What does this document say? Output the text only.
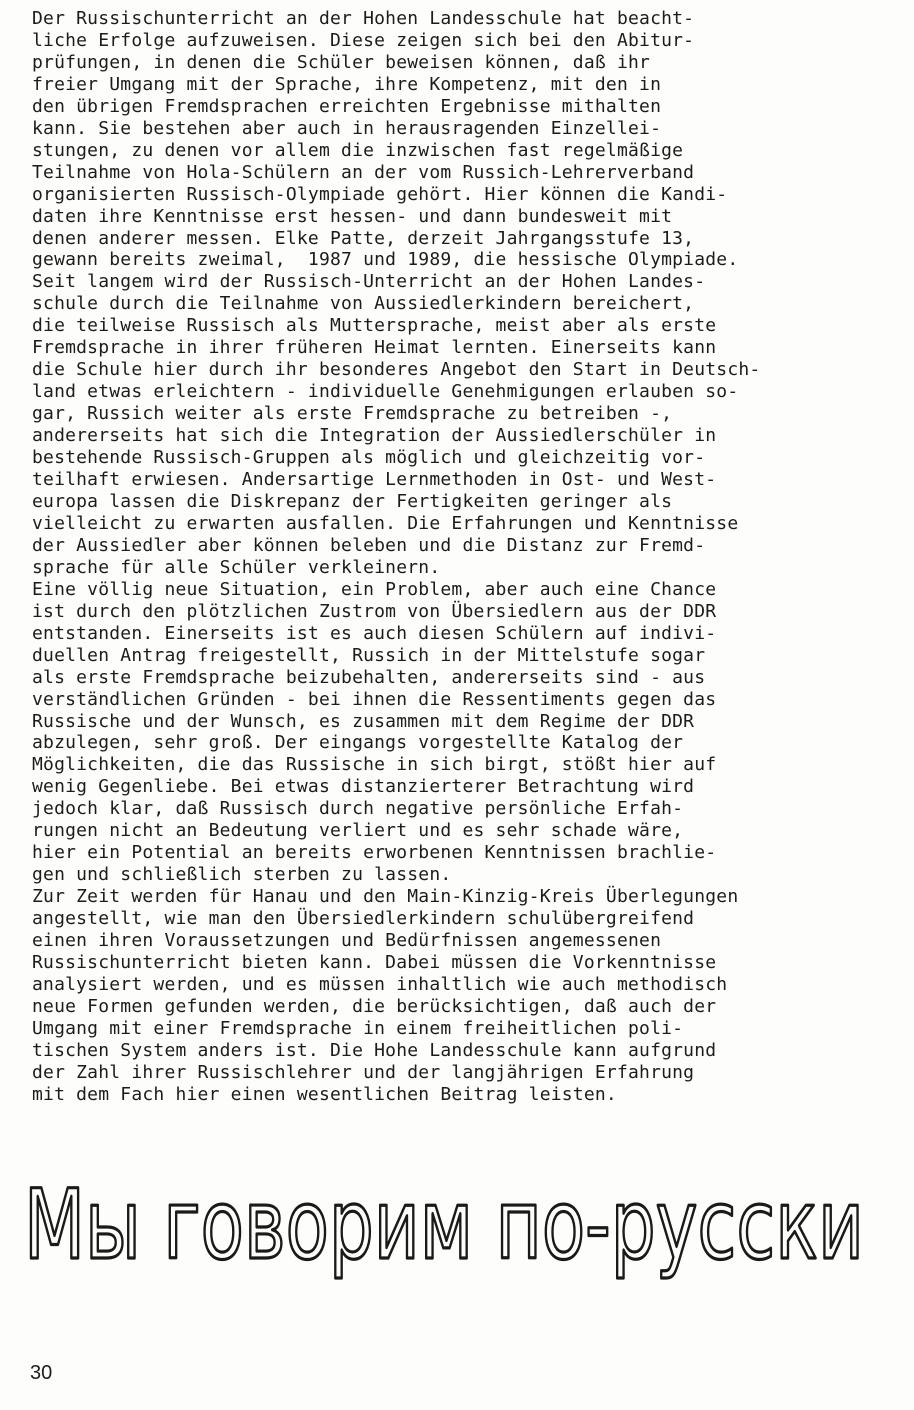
Der Russischunterricht an der Hohen Landesschule hat beacht-
liche Erfolge aufzuweisen. Diese zeigen sich bei den Abitur-
prüfungen, in denen die Schüler beweisen können, daß ihr
freier Umgang mit der Sprache, ihre Kompetenz, mit den in
den übrigen Fremdsprachen erreichten Ergebnisse mithalten
kann. Sie bestehen aber auch in herausragenden Einzellei-
stungen, zu denen vor allem die inzwischen fast regelmäßige
Teilnahme von Hola-Schülern an der vom Russich-Lehrerverband
organisierten Russisch-Olympiade gehört. Hier können die Kandi-
daten ihre Kenntnisse erst hessen- und dann bundesweit mit
denen anderer messen. Elke Patte, derzeit Jahrgangsstufe 13,
gewann bereits zweimal,  1987 und 1989, die hessische Olympiade.
Seit langem wird der Russisch-Unterricht an der Hohen Landes-
schule durch die Teilnahme von Aussiedlerkindern bereichert,
die teilweise Russisch als Muttersprache, meist aber als erste
Fremdsprache in ihrer früheren Heimat lernten. Einerseits kann
die Schule hier durch ihr besonderes Angebot den Start in Deutsch-
land etwas erleichtern - individuelle Genehmigungen erlauben so-
gar, Russich weiter als erste Fremdsprache zu betreiben -,
andererseits hat sich die Integration der Aussiedlerschüler in
bestehende Russisch-Gruppen als möglich und gleichzeitig vor-
teilhaft erwiesen. Andersartige Lernmethoden in Ost- und West-
europa lassen die Diskrepanz der Fertigkeiten geringer als
vielleicht zu erwarten ausfallen. Die Erfahrungen und Kenntnisse
der Aussiedler aber können beleben und die Distanz zur Fremd-
sprache für alle Schüler verkleinern.
Eine völlig neue Situation, ein Problem, aber auch eine Chance
ist durch den plötzlichen Zustrom von Übersiedlern aus der DDR
entstanden. Einerseits ist es auch diesen Schülern auf indivi-
duellen Antrag freigestellt, Russich in der Mittelstufe sogar
als erste Fremdsprache beizubehalten, andererseits sind - aus
verständlichen Gründen - bei ihnen die Ressentiments gegen das
Russische und der Wunsch, es zusammen mit dem Regime der DDR
abzulegen, sehr groß. Der eingangs vorgestellte Katalog der
Möglichkeiten, die das Russische in sich birgt, stößt hier auf
wenig Gegenliebe. Bei etwas distanzierterer Betrachtung wird
jedoch klar, daß Russisch durch negative persönliche Erfah-
rungen nicht an Bedeutung verliert und es sehr schade wäre,
hier ein Potential an bereits erworbenen Kenntnissen brachlie-
gen und schließlich sterben zu lassen.
Zur Zeit werden für Hanau und den Main-Kinzig-Kreis Überlegungen
angestellt, wie man den Übersiedlerkindern schulübergreifend
einen ihren Voraussetzungen und Bedürfnissen angemessenen
Russischunterricht bieten kann. Dabei müssen die Vorkenntnisse
analysiert werden, und es müssen inhaltlich wie auch methodisch
neue Formen gefunden werden, die berücksichtigen, daß auch der
Umgang mit einer Fremdsprache in einem freiheitlichen poli-
tischen System anders ist. Die Hohe Landesschule kann aufgrund
der Zahl ihrer Russischlehrer und der langjährigen Erfahrung
mit dem Fach hier einen wesentlichen Beitrag leisten.
Мы говорим по-русски
30
